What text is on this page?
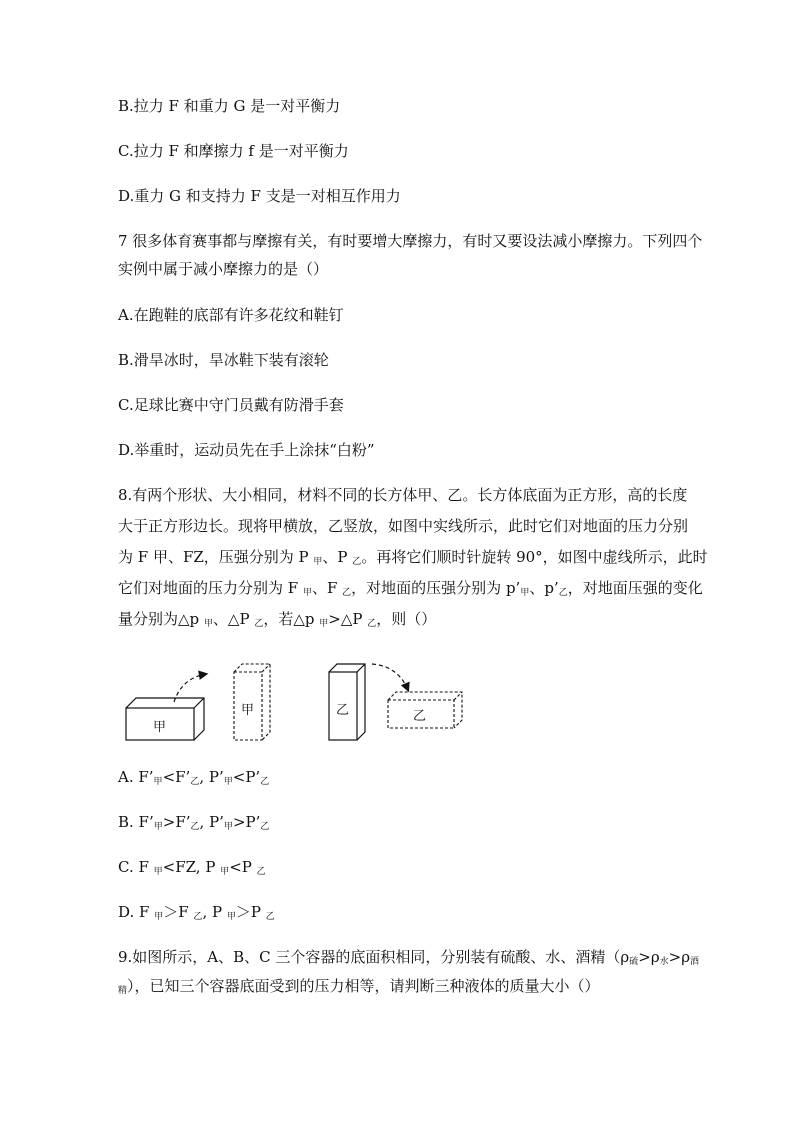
B.拉力 F 和重力 G 是一对平衡力
C.拉力 F 和摩擦力 f 是一对平衡力
D.重力 G 和支持力 F 支是一对相互作用力
7 很多体育赛事都与摩擦有关，有时要增大摩擦力，有时又要设法减小摩擦力。下列四个
实例中属于减小摩擦力的是（）
A.在跑鞋的底部有许多花纹和鞋钉
B.滑旱冰时，旱冰鞋下装有滚轮
C.足球比赛中守门员戴有防滑手套
D.举重时，运动员先在手上涂抹“白粉”
8.有两个形状、大小相同，材料不同的长方体甲、乙。长方体底面为正方形，高的长度
大于正方形边长。现将甲横放，乙竖放，如图中实线所示，此时它们对地面的压力分别
为 F 甲、FZ，压强分别为 P $_甲$、P $_乙$。再将它们顺时针旋转 90°，如图中虚线所示，此时
它们对地面的压力分别为 F $_甲$、F $_乙$，对地面的压强分别为 $p’_甲$、$p’_乙$，对地面压强的变化
量分别为△p $_甲$、△P $_乙$，若△p $_甲$>△P $_乙$，则（）
甲
甲	乙	乙
A. $F’_甲<F’_乙$, $P’_甲<P’_乙$
B. $F’_甲>F’_乙$, $P’_甲>P’_乙$
C. F $_甲$<FZ, P $_甲$<P $_乙$
D. F $_甲$＞F $_乙$, P $_甲$＞P $_乙$
9.如图所示，A、B、C 三个容器的底面积相同，分别装有硫酸、水、酒精（$\rho_硫>\rho_水>\rho_酒$
$_精$），已知三个容器底面受到的压力相等，请判断三种液体的质量大小（）
